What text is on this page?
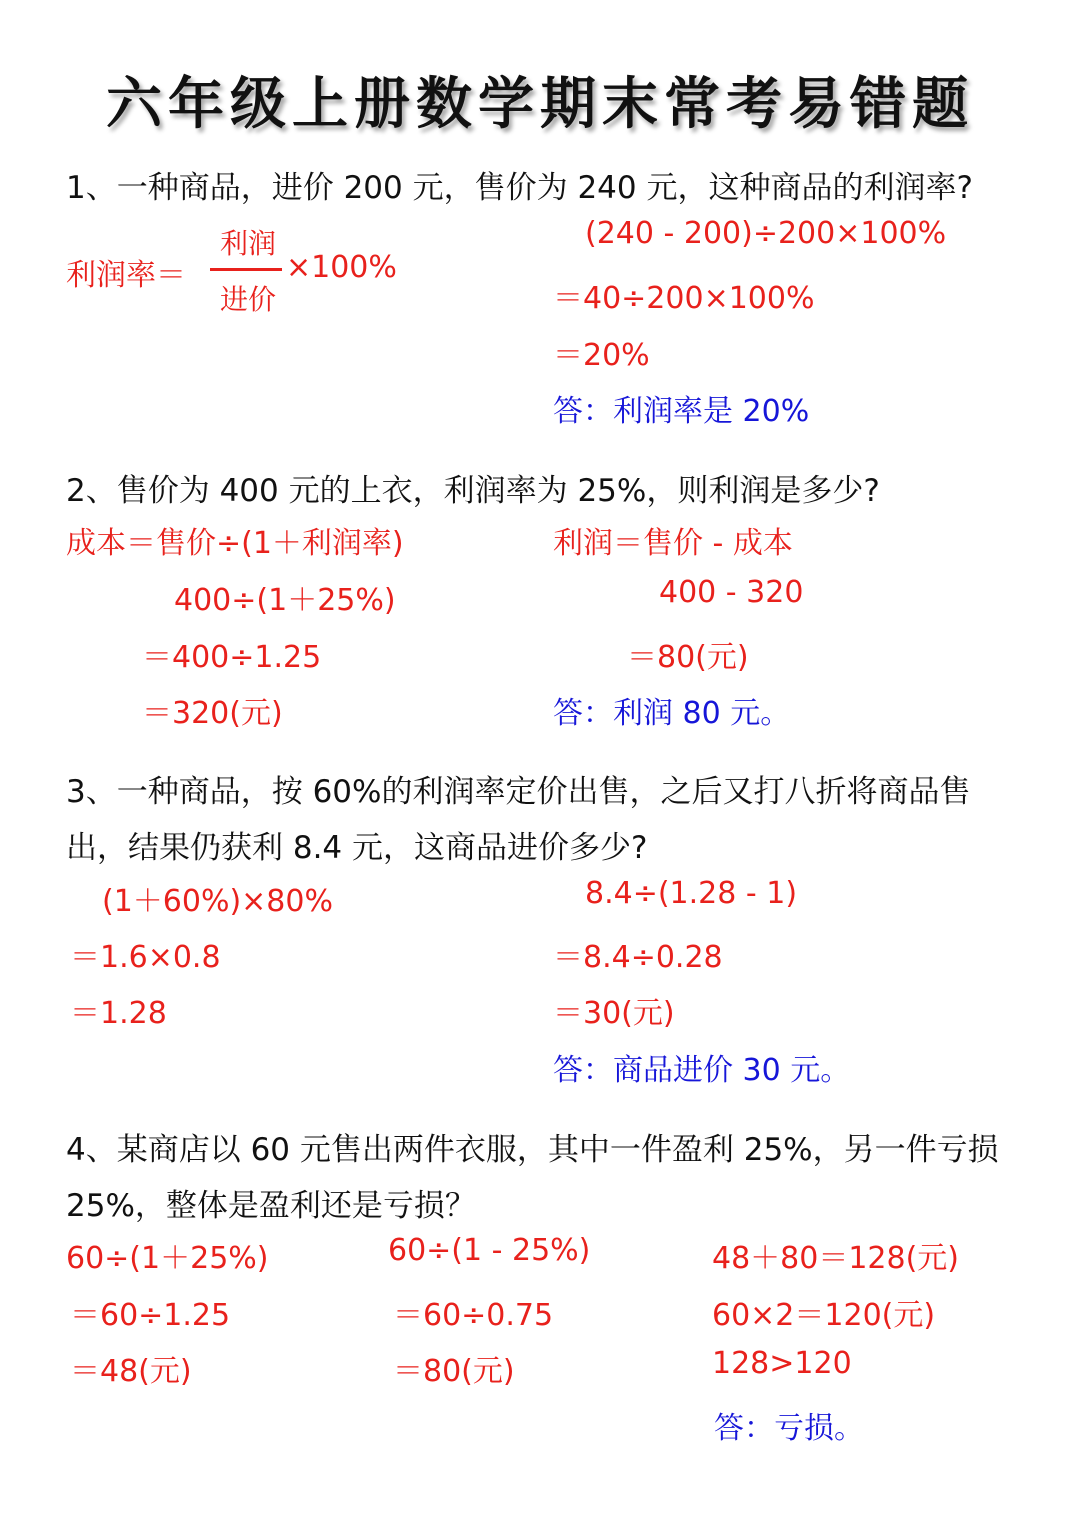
六年级上册数学期末常考易错题
1、一种商品，进价 200 元，售价为 240 元，这种商品的利润率?
利润率＝
利润
进价
×100%
(240 - 200)÷200×100%
＝40÷200×100%
＝20%
答：利润率是 20%
2、售价为 400 元的上衣，利润率为 25%，则利润是多少?
成本＝售价÷(1＋利润率)
400÷(1＋25%)
＝400÷1.25
＝320(元)
利润＝售价 - 成本
400 - 320
＝80(元)
答：利润 80 元。
3、一种商品，按 60%的利润率定价出售，之后又打八折将商品售
出，结果仍获利 8.4 元，这商品进价多少?
(1＋60%)×80%
＝1.6×0.8
＝1.28
8.4÷(1.28 - 1)
＝8.4÷0.28
＝30(元)
答：商品进价 30 元。
4、某商店以 60 元售出两件衣服，其中一件盈利 25%，另一件亏损
25%，整体是盈利还是亏损？
60÷(1＋25%)
＝60÷1.25
＝48(元)
60÷(1 - 25%)
＝60÷0.75
＝80(元)
48＋80＝128(元)
60×2＝120(元)
128>120
答：亏损。
